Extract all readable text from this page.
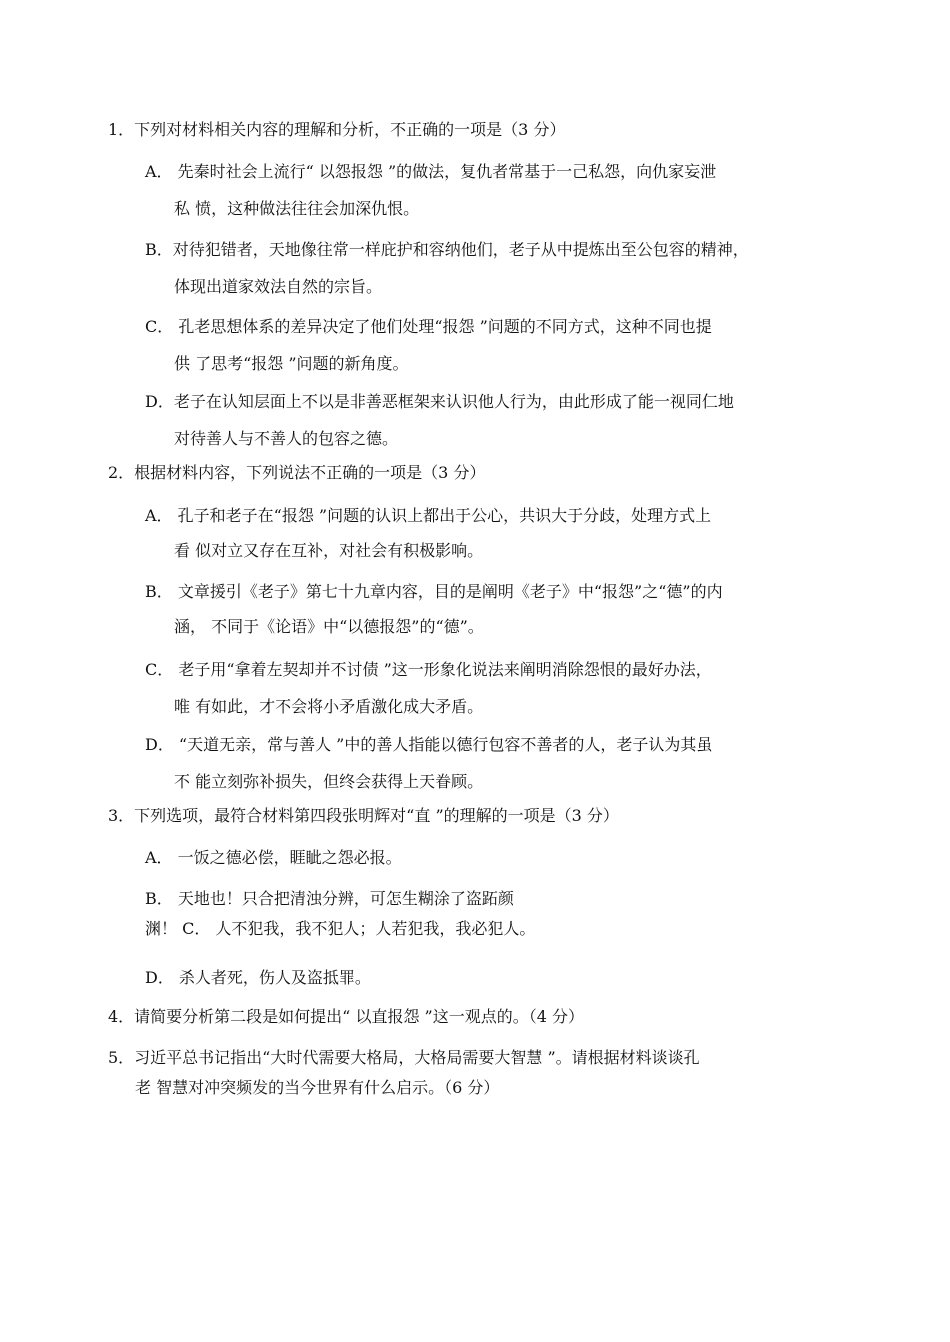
1．下列对材料相关内容的理解和分析，不正确的一项是（3 分）
A． 先秦时社会上流行“ 以怨报怨 ”的做法，复仇者常基于一己私怨，向仇家妄泄
私 愤，这种做法往往会加深仇恨。
B．对待犯错者，天地像往常一样庇护和容纳他们，老子从中提炼出至公包容的精神，
体现出道家效法自然的宗旨。
C． 孔老思想体系的差异决定了他们处理“报怨 ”问题的不同方式，这种不同也提
供 了思考“报怨 ”问题的新角度。
D．老子在认知层面上不以是非善恶框架来认识他人行为，由此形成了能一视同仁地
对待善人与不善人的包容之德。
2．根据材料内容，下列说法不正确的一项是（3 分）
A． 孔子和老子在“报怨 ”问题的认识上都出于公心，共识大于分歧，处理方式上
看 似对立又存在互补，对社会有积极影响。
B． 文章援引《老子》第七十九章内容，目的是阐明《老子》中“报怨”之“德”的内
涵， 不同于《论语》中“以德报怨”的“德”。
C． 老子用“拿着左契却并不讨债 ”这一形象化说法来阐明消除怨恨的最好办法，
唯 有如此，才不会将小矛盾激化成大矛盾。
D． “天道无亲，常与善人 ”中的善人指能以德行包容不善者的人，老子认为其虽
不 能立刻弥补损失，但终会获得上天眷顾。
3．下列选项，最符合材料第四段张明辉对“直 ”的理解的一项是（3 分）
A． 一饭之德必偿，睚眦之怨必报。
B． 天地也！只合把清浊分辨，可怎生糊涂了盗跖颜
渊！ C． 人不犯我，我不犯人；人若犯我，我必犯人。
D． 杀人者死，伤人及盗抵罪。
4．请简要分析第二段是如何提出“ 以直报怨 ”这一观点的。（4 分）
5．习近平总书记指出“大时代需要大格局，大格局需要大智慧 ”。请根据材料谈谈孔
老 智慧对冲突频发的当今世界有什么启示。（6 分）
